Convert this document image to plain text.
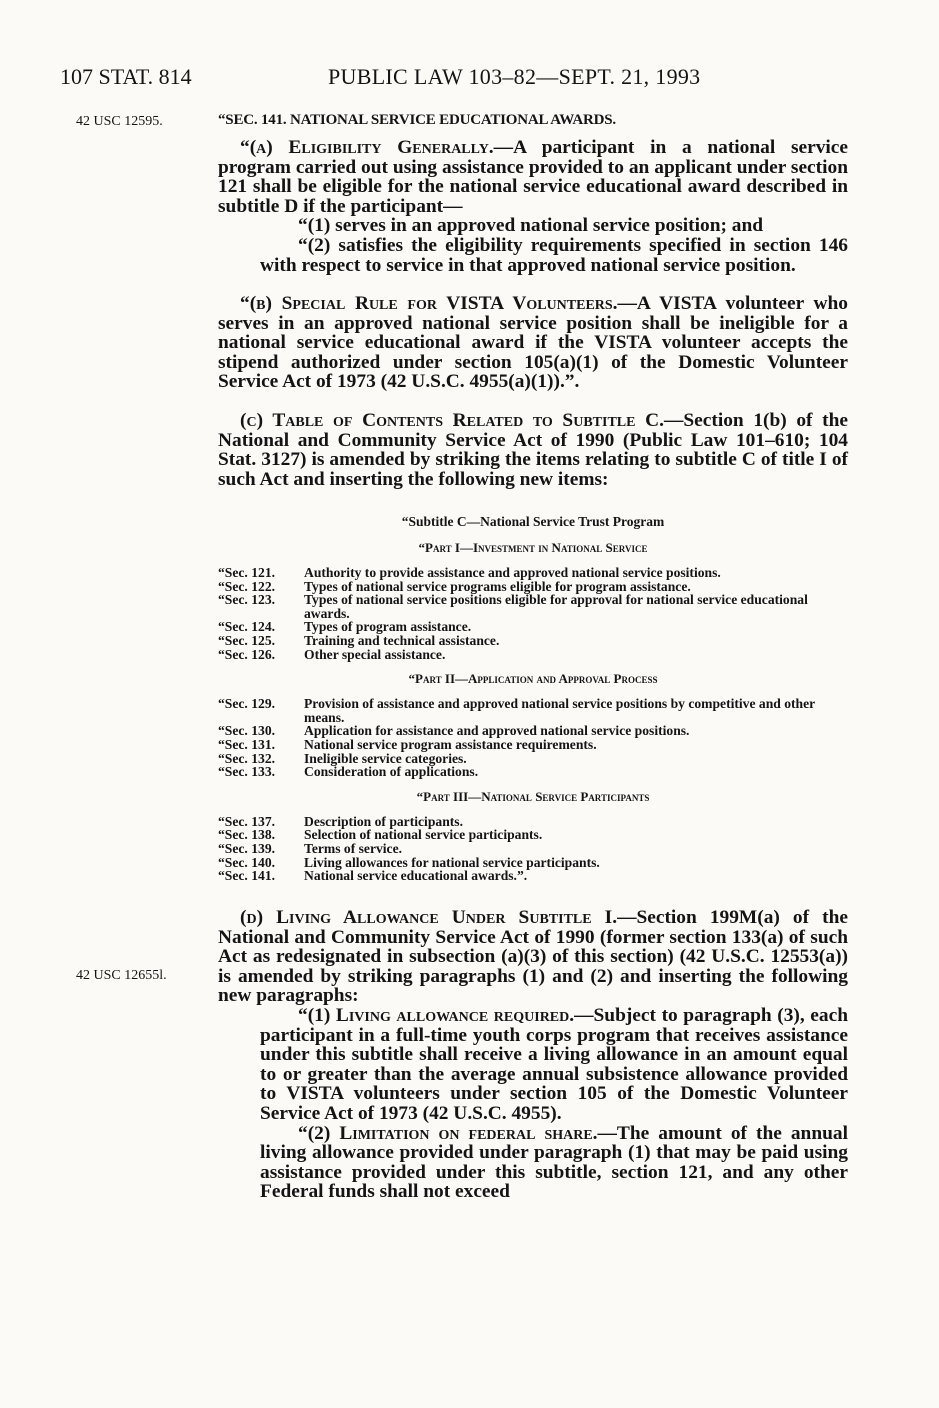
107 STAT. 814	PUBLIC LAW 103–82—SEPT. 21, 1993
42 USC 12595.	“SEC. 141. NATIONAL SERVICE EDUCATIONAL AWARDS.

“(a) Eligibility Generally.—A participant in a national service program carried out using assistance provided to an applicant under section 121 shall be eligible for the national service educational award described in subtitle D if the participant—

“(1) serves in an approved national service position; and

“(2) satisfies the eligibility requirements specified in section 146 with respect to service in that approved national service position.

“(b) Special Rule for VISTA Volunteers.—A VISTA volunteer who serves in an approved national service position shall be ineligible for a national service educational award if the VISTA volunteer accepts the stipend authorized under section 105(a)(1) of the Domestic Volunteer Service Act of 1973 (42 U.S.C. 4955(a)(1)).”.

(c) Table of Contents Related to Subtitle C.—Section 1(b) of the National and Community Service Act of 1990 (Public Law 101–610; 104 Stat. 3127) is amended by striking the items relating to subtitle C of title I of such Act and inserting the following new items:

“Subtitle C—National Service Trust Program

“Part I—Investment in National Service

“Sec. 121.	Authority to provide assistance and approved national service positions.
“Sec. 122.	Types of national service programs eligible for program assistance.
“Sec. 123.	Types of national service positions eligible for approval for national service educational awards.
“Sec. 124.	Types of program assistance.
“Sec. 125.	Training and technical assistance.
“Sec. 126.	Other special assistance.

“Part II—Application and Approval Process

“Sec. 129.	Provision of assistance and approved national service positions by competitive and other means.
“Sec. 130.	Application for assistance and approved national service positions.
“Sec. 131.	National service program assistance requirements.
“Sec. 132.	Ineligible service categories.
“Sec. 133.	Consideration of applications.

“Part III—National Service Participants

“Sec. 137.	Description of participants.
“Sec. 138.	Selection of national service participants.
“Sec. 139.	Terms of service.
“Sec. 140.	Living allowances for national service participants.
“Sec. 141.	National service educational awards.”.
42 USC 12655l.

(d) Living Allowance Under Subtitle I.—Section 199M(a) of the National and Community Service Act of 1990 (former section 133(a) of such Act as redesignated in subsection (a)(3) of this section) (42 U.S.C. 12553(a)) is amended by striking paragraphs (1) and (2) and inserting the following new paragraphs:

“(1) Living allowance required.—Subject to paragraph (3), each participant in a full-time youth corps program that receives assistance under this subtitle shall receive a living allowance in an amount equal to or greater than the average annual subsistence allowance provided to VISTA volunteers under section 105 of the Domestic Volunteer Service Act of 1973 (42 U.S.C. 4955).

“(2) Limitation on federal share.—The amount of the annual living allowance provided under paragraph (1) that may be paid using assistance provided under this subtitle, section 121, and any other Federal funds shall not exceed
